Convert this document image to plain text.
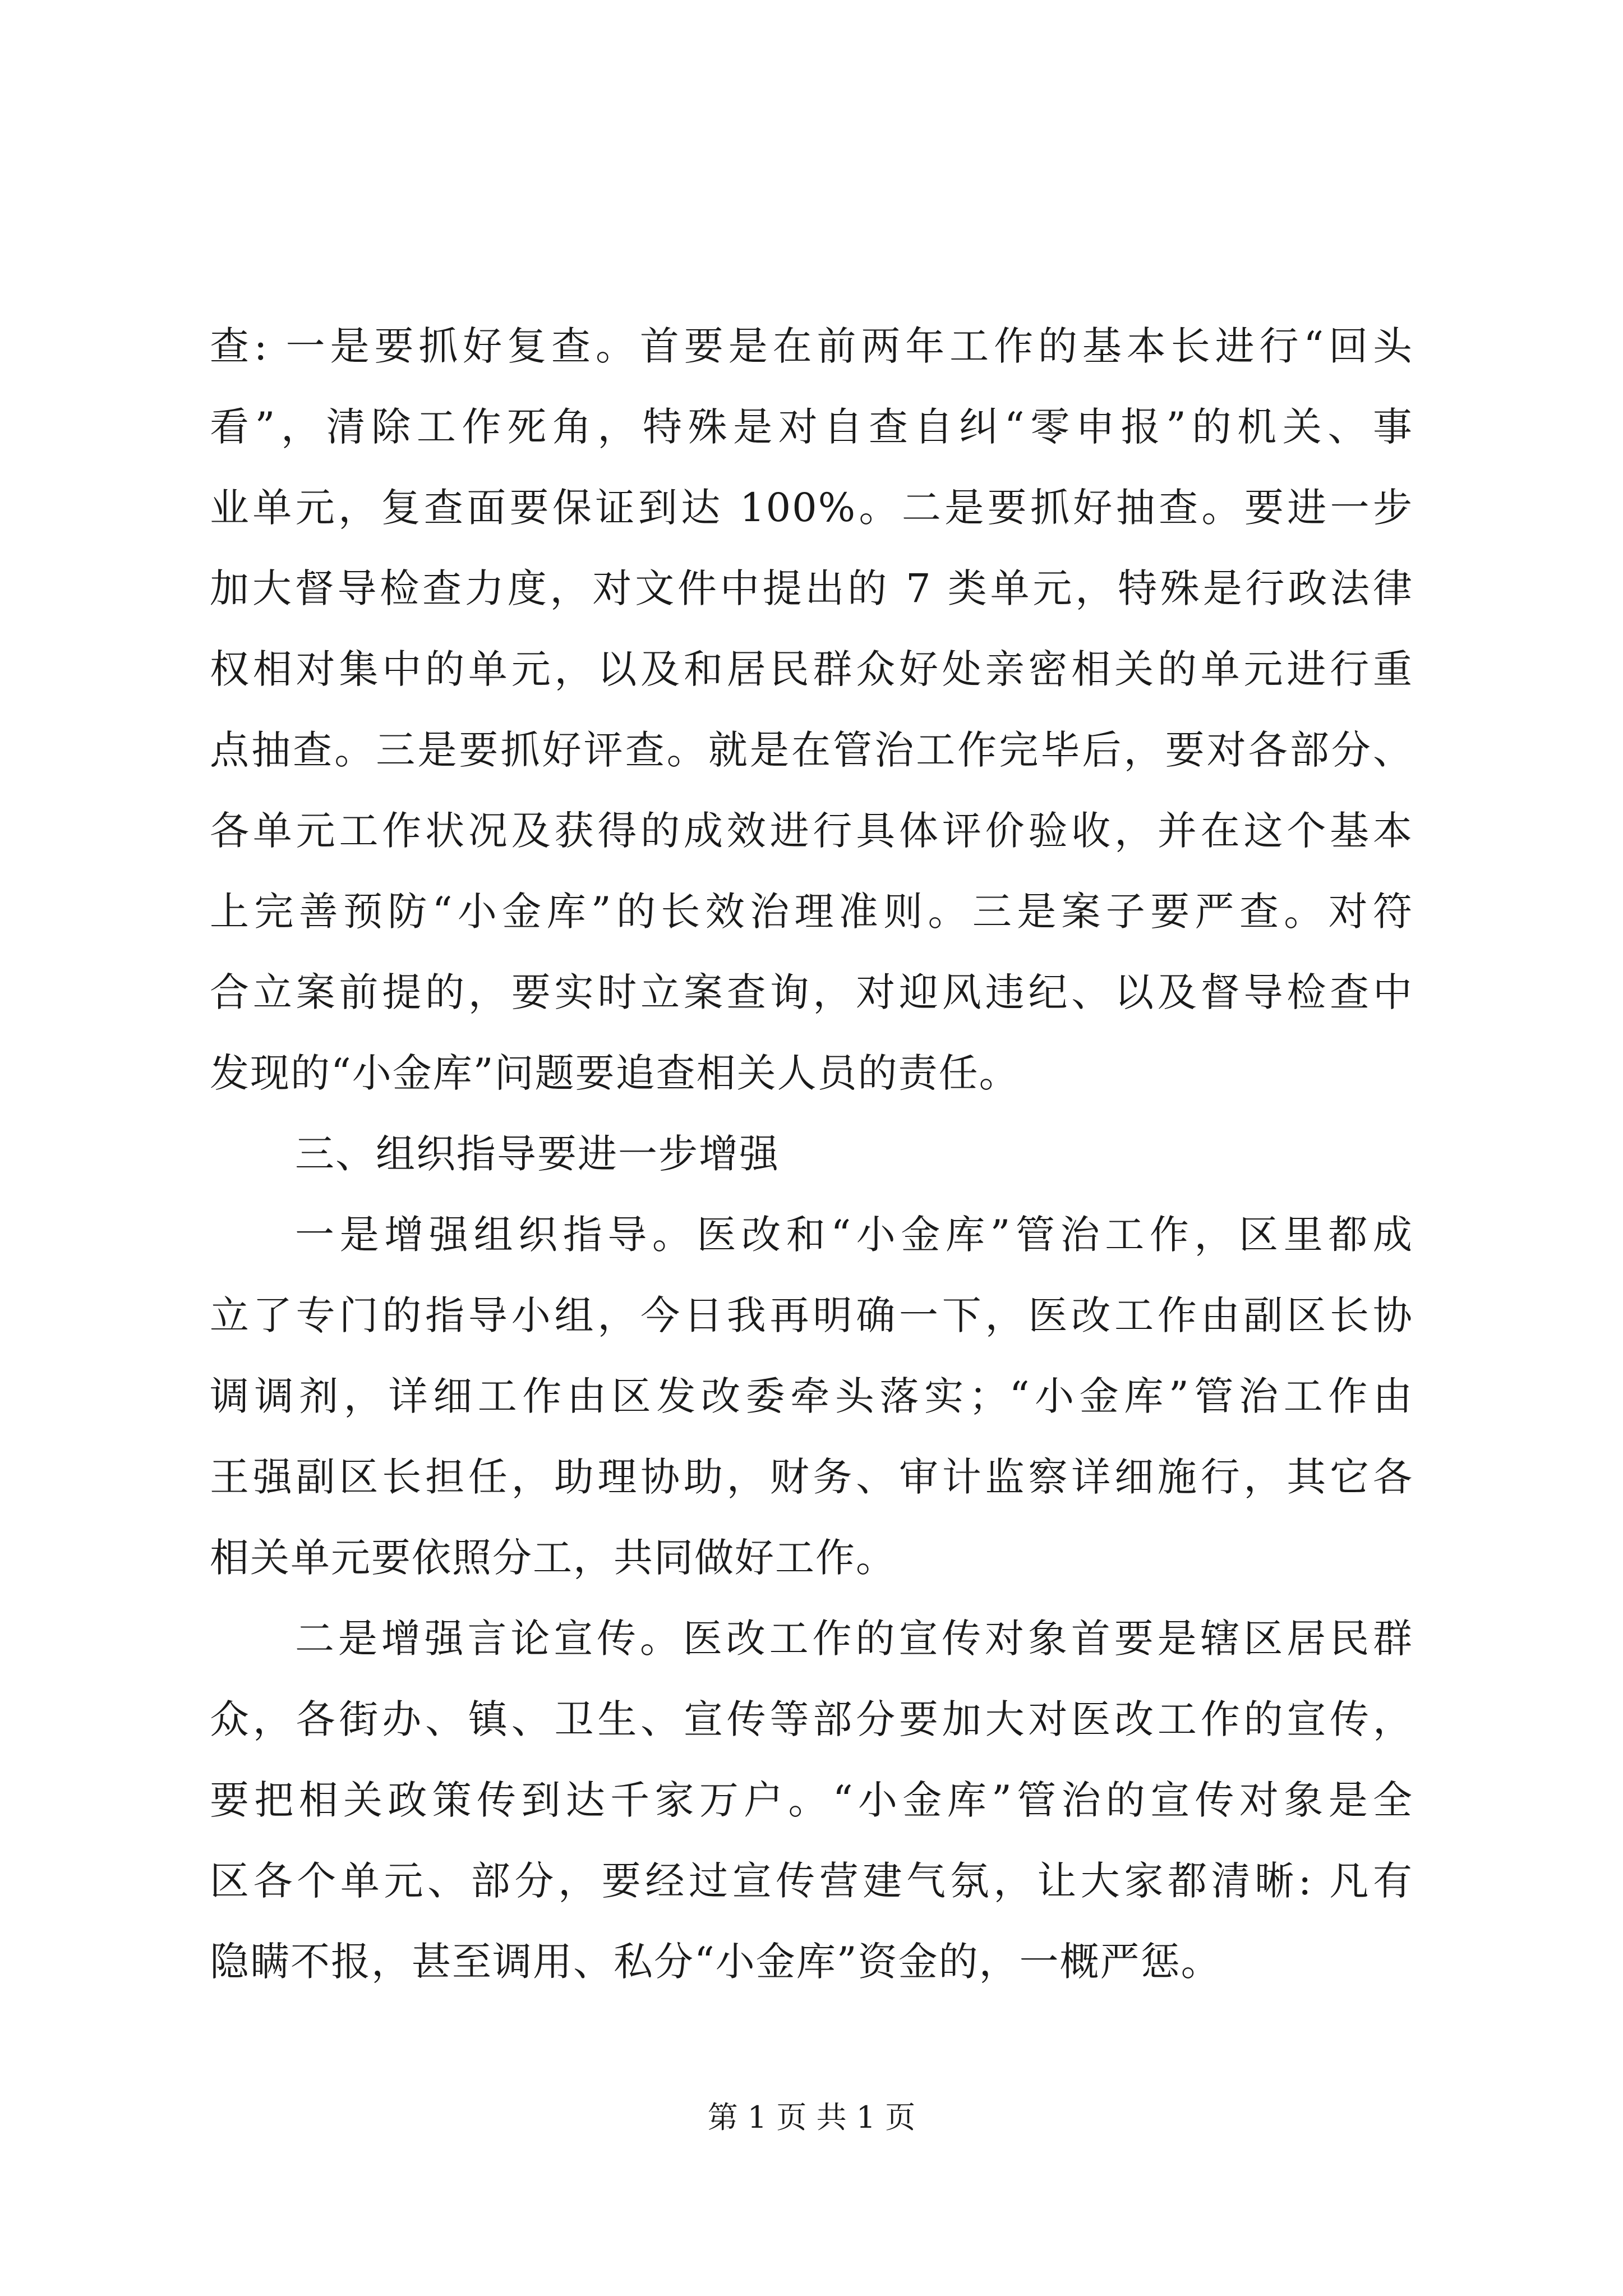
查: 一是要抓好复查。首要是在前两年工作的基本长进行“回头
看”，清除工作死角，特殊是对自查自纠“零申报”的机关、事
业单元，复查面要保证到达 100%。二是要抓好抽查。要进一步
加大督导检查力度，对文件中提出的 7 类单元，特殊是行政法律
权相对集中的单元，以及和居民群众好处亲密相关的单元进行重
点抽查。三是要抓好评查。就是在管治工作完毕后，要对各部分、
各单元工作状况及获得的成效进行具体评价验收，并在这个基本
上完善预防“小金库”的长效治理准则。三是案子要严查。对符
合立案前提的，要实时立案查询，对迎风违纪、以及督导检查中
发现的“小金库”问题要追查相关人员的责任。
三、组织指导要进一步增强
一是增强组织指导。医改和“小金库”管治工作，区里都成
立了专门的指导小组，今日我再明确一下，医改工作由副区长协
调调剂，详细工作由区发改委牵头落实；“小金库”管治工作由
王强副区长担任，助理协助，财务、审计监察详细施行，其它各
相关单元要依照分工，共同做好工作。
二是增强言论宣传。医改工作的宣传对象首要是辖区居民群
众，各街办、镇、卫生、宣传等部分要加大对医改工作的宣传，
要把相关政策传到达千家万户。“小金库”管治的宣传对象是全
区各个单元、部分，要经过宣传营建气氛，让大家都清晰: 凡有
隐瞒不报，甚至调用、私分“小金库”资金的，一概严惩。
第 1 页 共 1 页
